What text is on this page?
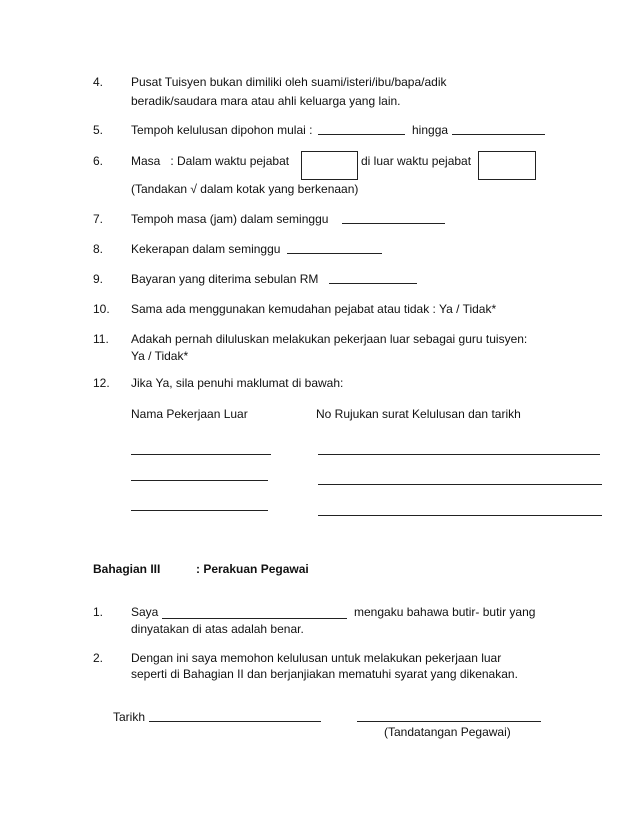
4. Pusat Tuisyen bukan dimiliki oleh suami/isteri/ibu/bapa/adik
beradik/saudara mara atau ahli keluarga yang lain.
5. Tempoh kelulusan dipohon mulai :	hingga
6. Masa   : Dalam waktu pejabat	di luar waktu pejabat
(Tandakan √ dalam kotak yang berkenaan)
7. Tempoh masa (jam) dalam seminggu
8. Kekerapan dalam seminggu
9. Bayaran yang diterima sebulan RM
10. Sama ada menggunakan kemudahan pejabat atau tidak : Ya / Tidak*
11. Adakah pernah diluluskan melakukan pekerjaan luar sebagai guru tuisyen:
Ya / Tidak*
12. Jika Ya, sila penuhi maklumat di bawah:
Nama Pekerjaan Luar	No Rujukan surat Kelulusan dan tarikh
Bahagian III	: Perakuan Pegawai
1. Saya	mengaku bahawa butir- butir yang
dinyatakan di atas adalah benar.
2. Dengan ini saya memohon kelulusan untuk melakukan pekerjaan luar
seperti di Bahagian II dan berjanjiakan mematuhi syarat yang dikenakan.
Tarikh
(Tandatangan Pegawai)
